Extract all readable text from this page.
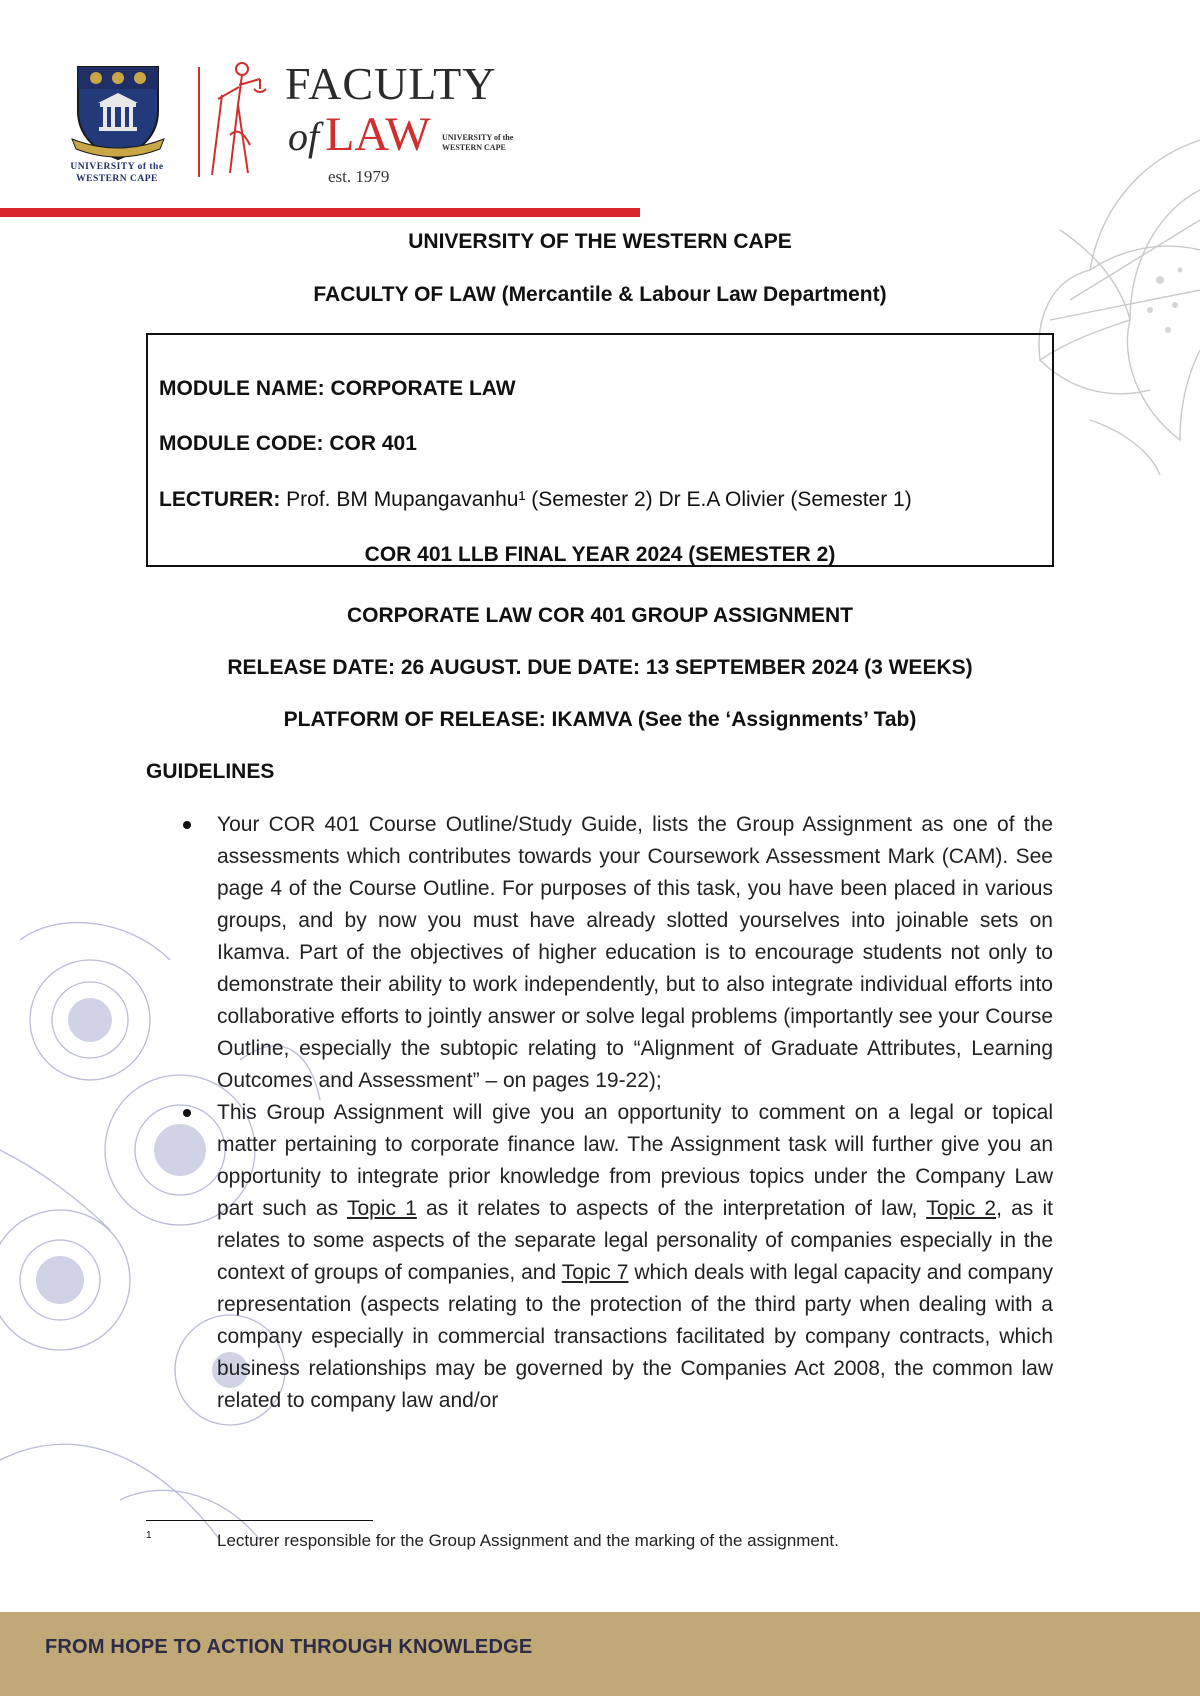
UNIVERSITY of the
WESTERN CAPE
FACULTY
of LAW UNIVERSITY of the
WESTERN CAPE
est. 1979
UNIVERSITY OF THE WESTERN CAPE
FACULTY OF LAW (Mercantile & Labour Law Department)
MODULE NAME: CORPORATE LAW
MODULE CODE: COR 401
LECTURER: Prof. BM Mupangavanhu¹ (Semester 2) Dr E.A Olivier (Semester 1)
COR 401 LLB FINAL YEAR 2024 (SEMESTER 2)
CORPORATE LAW COR 401 GROUP ASSIGNMENT
RELEASE DATE: 26 AUGUST. DUE DATE: 13 SEPTEMBER 2024 (3 WEEKS)
PLATFORM OF RELEASE: IKAMVA (See the ‘Assignments’ Tab)
GUIDELINES
Your COR 401 Course Outline/Study Guide, lists the Group Assignment as one of the assessments which contributes towards your Coursework Assessment Mark (CAM). See page 4 of the Course Outline. For purposes of this task, you have been placed in various groups, and by now you must have already slotted yourselves into joinable sets on Ikamva. Part of the objectives of higher education is to encourage students not only to demonstrate their ability to work independently, but to also integrate individual efforts into collaborative efforts to jointly answer or solve legal problems (importantly see your Course Outline, especially the subtopic relating to “Alignment of Graduate Attributes, Learning Outcomes and Assessment” – on pages 19-22);
This Group Assignment will give you an opportunity to comment on a legal or topical matter pertaining to corporate finance law. The Assignment task will further give you an opportunity to integrate prior knowledge from previous topics under the Company Law part such as Topic 1 as it relates to aspects of the interpretation of law, Topic 2, as it relates to some aspects of the separate legal personality of companies especially in the context of groups of companies, and Topic 7 which deals with legal capacity and company representation (aspects relating to the protection of the third party when dealing with a company especially in commercial transactions facilitated by company contracts, which business relationships may be governed by the Companies Act 2008, the common law related to company law and/or
1	Lecturer responsible for the Group Assignment and the marking of the assignment.
FROM HOPE TO ACTION THROUGH KNOWLEDGE
